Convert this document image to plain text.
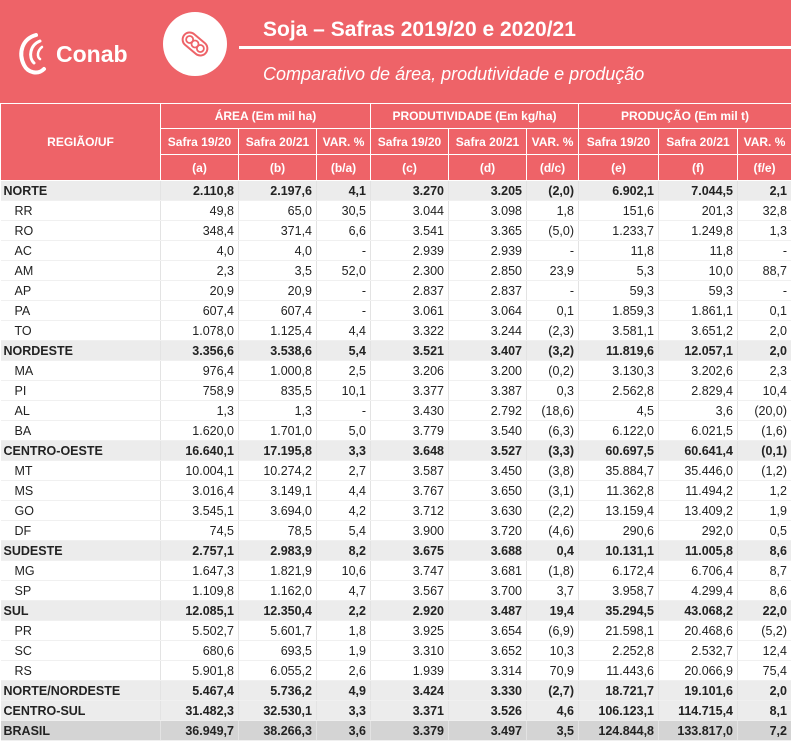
Conab
Soja – Safras 2019/20 e 2020/21
Comparativo de área, produtividade e produção
REGIÃO/UF	ÁREA (Em mil ha)			PRODUTIVIDADE (Em kg/ha)			PRODUÇÃO (Em mil t)		
	Safra 19/20	Safra 20/21	VAR. %	Safra 19/20	Safra 20/21	VAR. %	Safra 19/20	Safra 20/21	VAR. %
	(a)	(b)	(b/a)	(c)	(d)	(d/c)	(e)	(f)	(f/e)
NORTE	2.110,8	2.197,6	4,1	3.270	3.205	(2,0)	6.902,1	7.044,5	2,1
RR	49,8	65,0	30,5	3.044	3.098	1,8	151,6	201,3	32,8
RO	348,4	371,4	6,6	3.541	3.365	(5,0)	1.233,7	1.249,8	1,3
AC	4,0	4,0	-	2.939	2.939	-	11,8	11,8	-
AM	2,3	3,5	52,0	2.300	2.850	23,9	5,3	10,0	88,7
AP	20,9	20,9	-	2.837	2.837	-	59,3	59,3	-
PA	607,4	607,4	-	3.061	3.064	0,1	1.859,3	1.861,1	0,1
TO	1.078,0	1.125,4	4,4	3.322	3.244	(2,3)	3.581,1	3.651,2	2,0
NORDESTE	3.356,6	3.538,6	5,4	3.521	3.407	(3,2)	11.819,6	12.057,1	2,0
MA	976,4	1.000,8	2,5	3.206	3.200	(0,2)	3.130,3	3.202,6	2,3
PI	758,9	835,5	10,1	3.377	3.387	0,3	2.562,8	2.829,4	10,4
AL	1,3	1,3	-	3.430	2.792	(18,6)	4,5	3,6	(20,0)
BA	1.620,0	1.701,0	5,0	3.779	3.540	(6,3)	6.122,0	6.021,5	(1,6)
CENTRO-OESTE	16.640,1	17.195,8	3,3	3.648	3.527	(3,3)	60.697,5	60.641,4	(0,1)
MT	10.004,1	10.274,2	2,7	3.587	3.450	(3,8)	35.884,7	35.446,0	(1,2)
MS	3.016,4	3.149,1	4,4	3.767	3.650	(3,1)	11.362,8	11.494,2	1,2
GO	3.545,1	3.694,0	4,2	3.712	3.630	(2,2)	13.159,4	13.409,2	1,9
DF	74,5	78,5	5,4	3.900	3.720	(4,6)	290,6	292,0	0,5
SUDESTE	2.757,1	2.983,9	8,2	3.675	3.688	0,4	10.131,1	11.005,8	8,6
MG	1.647,3	1.821,9	10,6	3.747	3.681	(1,8)	6.172,4	6.706,4	8,7
SP	1.109,8	1.162,0	4,7	3.567	3.700	3,7	3.958,7	4.299,4	8,6
SUL	12.085,1	12.350,4	2,2	2.920	3.487	19,4	35.294,5	43.068,2	22,0
PR	5.502,7	5.601,7	1,8	3.925	3.654	(6,9)	21.598,1	20.468,6	(5,2)
SC	680,6	693,5	1,9	3.310	3.652	10,3	2.252,8	2.532,7	12,4
RS	5.901,8	6.055,2	2,6	1.939	3.314	70,9	11.443,6	20.066,9	75,4
NORTE/NORDESTE	5.467,4	5.736,2	4,9	3.424	3.330	(2,7)	18.721,7	19.101,6	2,0
CENTRO-SUL	31.482,3	32.530,1	3,3	3.371	3.526	4,6	106.123,1	114.715,4	8,1
BRASIL	36.949,7	38.266,3	3,6	3.379	3.497	3,5	124.844,8	133.817,0	7,2
